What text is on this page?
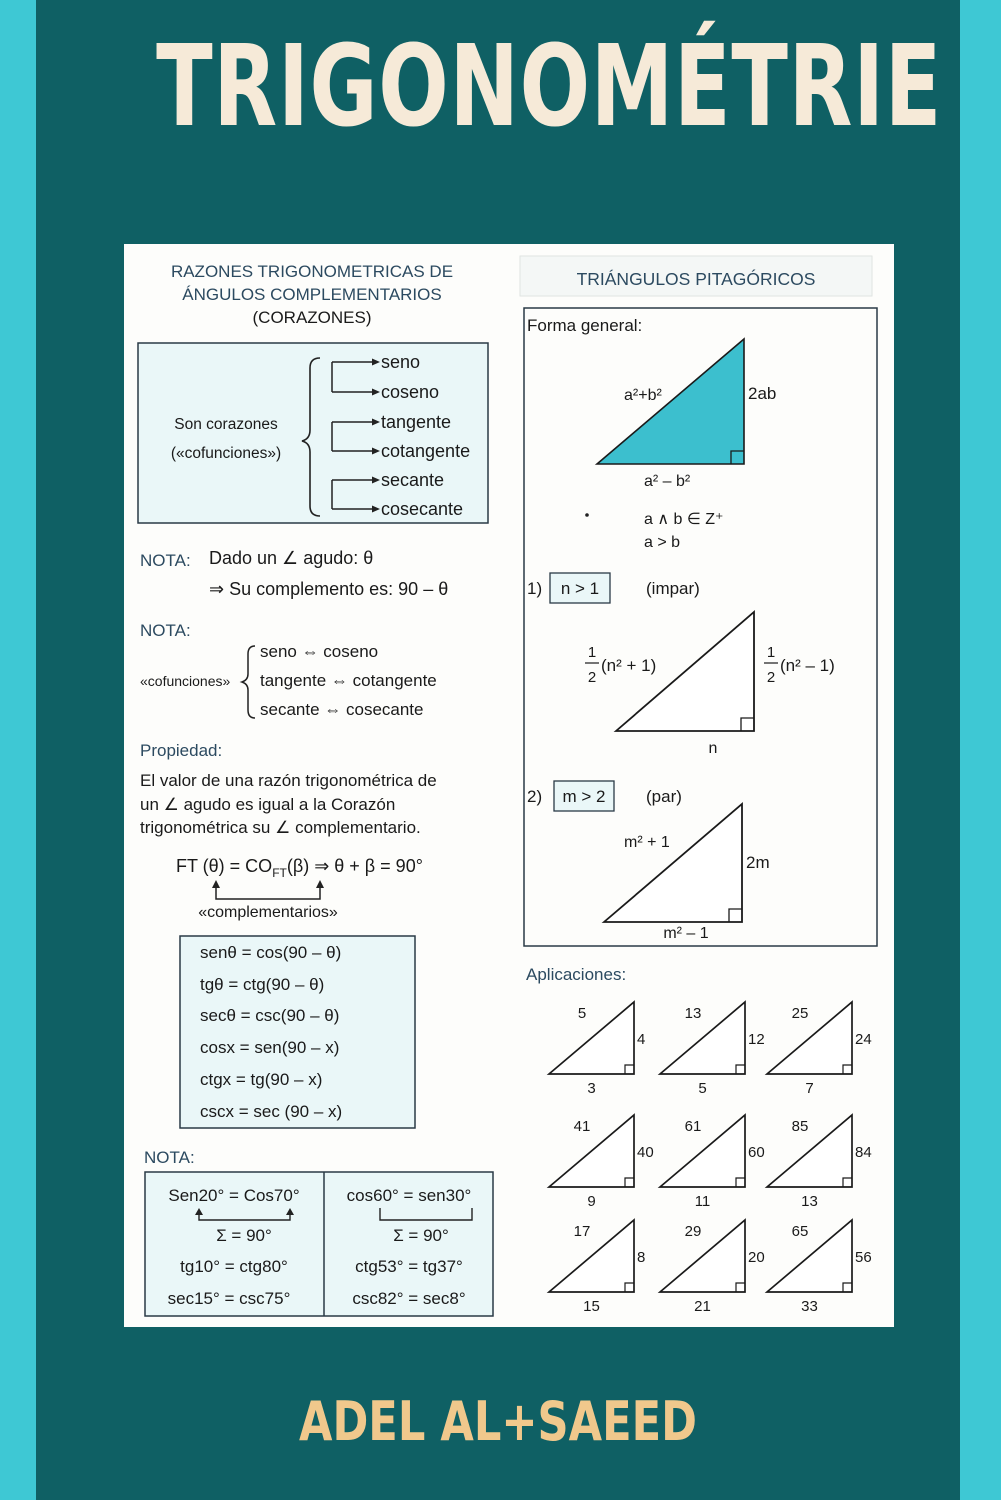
TRIGONOMÉTRIE
ADEL AL+SAEED
RAZONES TRIGONOMETRICAS DE
ÁNGULOS COMPLEMENTARIOS
(CORAZONES)
Son corazones
(«cofunciones»)
seno
coseno
tangente
cotangente
secante
cosecante
NOTA: Dado un ∠ agudo: θ
⇒ Su complemento es: 90 – θ
NOTA:
«cofunciones»
seno ⇔ coseno
tangente ⇔ cotangente
secante ⇔ cosecante
Propiedad:
El valor de una razón trigonométrica de
un ∠ agudo es igual a la Corazón
trigonométrica su ∠ complementario.
FT $(\theta) = CO_{FT}(\beta)$ ⇒ θ + β = 90°
«complementarios»
senθ = cos(90 – θ)
tgθ = ctg(90 – θ)
secθ = csc(90 – θ)
cosx = sen(90 – x)
ctgx = tg(90 – x)
cscx = sec (90 – x)
NOTA:
Sen20° = Cos70°
Σ = 90°
tg10° = ctg80°
sec15° = csc75°
cos60° = sen30°
Σ = 90°
ctg53° = tg37°
csc82° = sec8°
TRIÁNGULOS PITAGÓRICOS
Forma general:
a²+b²	2ab
a² – b²
a ∧ b ∈ Z⁺
a > b
1) n > 1	(impar)
1
2
(n² + 1)
1
2
(n² – 1)
n
2) m > 2 (par)
m² + 1
2m
m² – 1
Aplicaciones:
5
4
3
13
12
5
25
24
7
41
40
9
61
60
11
85
84
13
17
8
15
29
20
21
65
56
33
